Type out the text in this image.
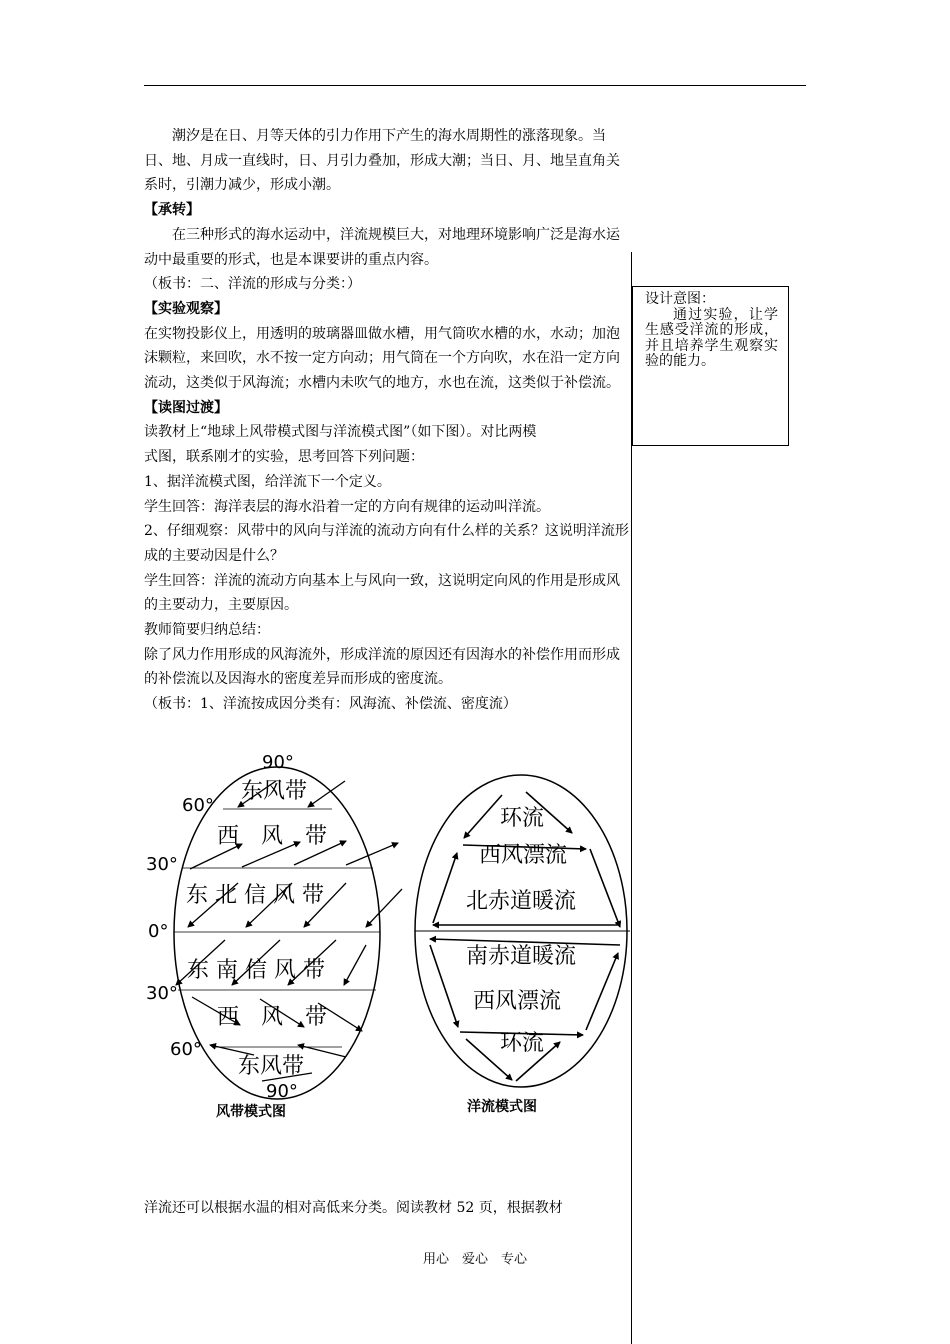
潮汐是在日、月等天体的引力作用下产生的海水周期性的涨落现象。当日、地、月成一直线时，日、月引力叠加，形成大潮；当日、月、地呈直角关系时，引潮力减少，形成小潮。

【承转】

在三种形式的海水运动中，洋流规模巨大，对地理环境影响广泛是海水运动中最重要的形式，也是本课要讲的重点内容。

（板书：二、洋流的形成与分类：）

【实验观察】

在实物投影仪上，用透明的玻璃器皿做水槽，用气筒吹水槽的水，水动；加泡沫颗粒，来回吹，水不按一定方向动；用气筒在一个方向吹，水在沿一定方向流动，这类似于风海流；水槽内未吹气的地方，水也在流，这类似于补偿流。

【读图过渡】

读教材上“地球上风带模式图与洋流模式图”（如下图）。对比两模

式图，联系刚才的实验，思考回答下列问题：

1、据洋流模式图，给洋流下一个定义。

学生回答：海洋表层的海水沿着一定的方向有规律的运动叫洋流。

2、仔细观察：风带中的风向与洋流的流动方向有什么样的关系？这说明洋流形成的主要动因是什么？

学生回答：洋流的流动方向基本上与风向一致，这说明定向风的作用是形成风的主要动力，主要原因。

教师简要归纳总结：

除了风力作用形成的风海流外，形成洋流的原因还有因海水的补偿作用而形成的补偿流以及因海水的密度差异而形成的密度流。

（板书：1、洋流按成因分类有：风海流、补偿流、密度流）

设计意图：
通过实验，让学生感受洋流的形成，并且培养学生观察实验的能力。
90°
60°
30°
0°
30°
60°
90°
东风带
西　风　带
东 北 信 风 带
东 南 信 风 带
西　风　带
东风带
风带模式图
环流
西风漂流
北赤道暖流
南赤道暖流
西风漂流
环流
洋流模式图
洋流还可以根据水温的相对高低来分类。阅读教材 52 页，根据教材
用心　爱心　专心
